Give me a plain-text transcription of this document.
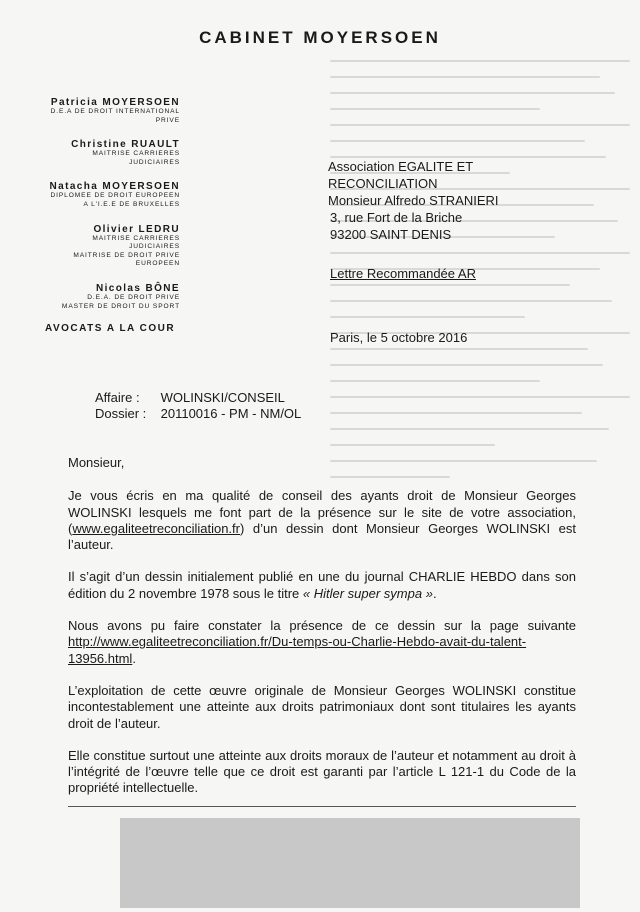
CABINET MOYERSOEN
Patricia MOYERSOEN
D.E.A DE DROIT INTERNATIONAL
PRIVE
Christine RUAULT
MAITRISE CARRIERES
JUDICIAIRES
Natacha MOYERSOEN
DIPLOMEE DE DROIT EUROPEEN
A L'I.E.E DE BRUXELLES
Olivier LEDRU
MAITRISE CARRIERES
JUDICIAIRES
MAITRISE DE DROIT PRIVE
EUROPEEN
Nicolas BÔNE
D.E.A. DE DROIT PRIVE
MASTER DE DROIT DU SPORT
AVOCATS A LA COUR
Association EGALITE ET
RECONCILIATION
Monsieur Alfredo STRANIERI
3, rue Fort de la Briche
93200 SAINT DENIS
Lettre Recommandée AR
Paris, le 5 octobre 2016
Affaire : WOLINSKI/CONSEIL
Dossier : 20110016 - PM - NM/OL

Monsieur,

Je vous écris en ma qualité de conseil des ayants droit de Monsieur Georges WOLINSKI lesquels me font part de la présence sur le site de votre association, (www.egaliteetreconciliation.fr) d’un dessin dont Monsieur Georges WOLINSKI est l’auteur.

Il s’agit d’un dessin initialement publié en une du journal CHARLIE HEBDO dans son édition du 2 novembre 1978 sous le titre « Hitler super sympa ».

Nous avons pu faire constater la présence de ce dessin sur la page suivante http://www.egaliteetreconciliation.fr/Du-temps-ou-Charlie-Hebdo-avait-du-talent-13956.html.

L’exploitation de cette œuvre originale de Monsieur Georges WOLINSKI constitue incontestablement une atteinte aux droits patrimoniaux dont sont titulaires les ayants droit de l’auteur.

Elle constitue surtout une atteinte aux droits moraux de l’auteur et notamment au droit à l’intégrité de l’œuvre telle que ce droit est garanti par l’article L 121-1 du Code de la propriété intellectuelle.
